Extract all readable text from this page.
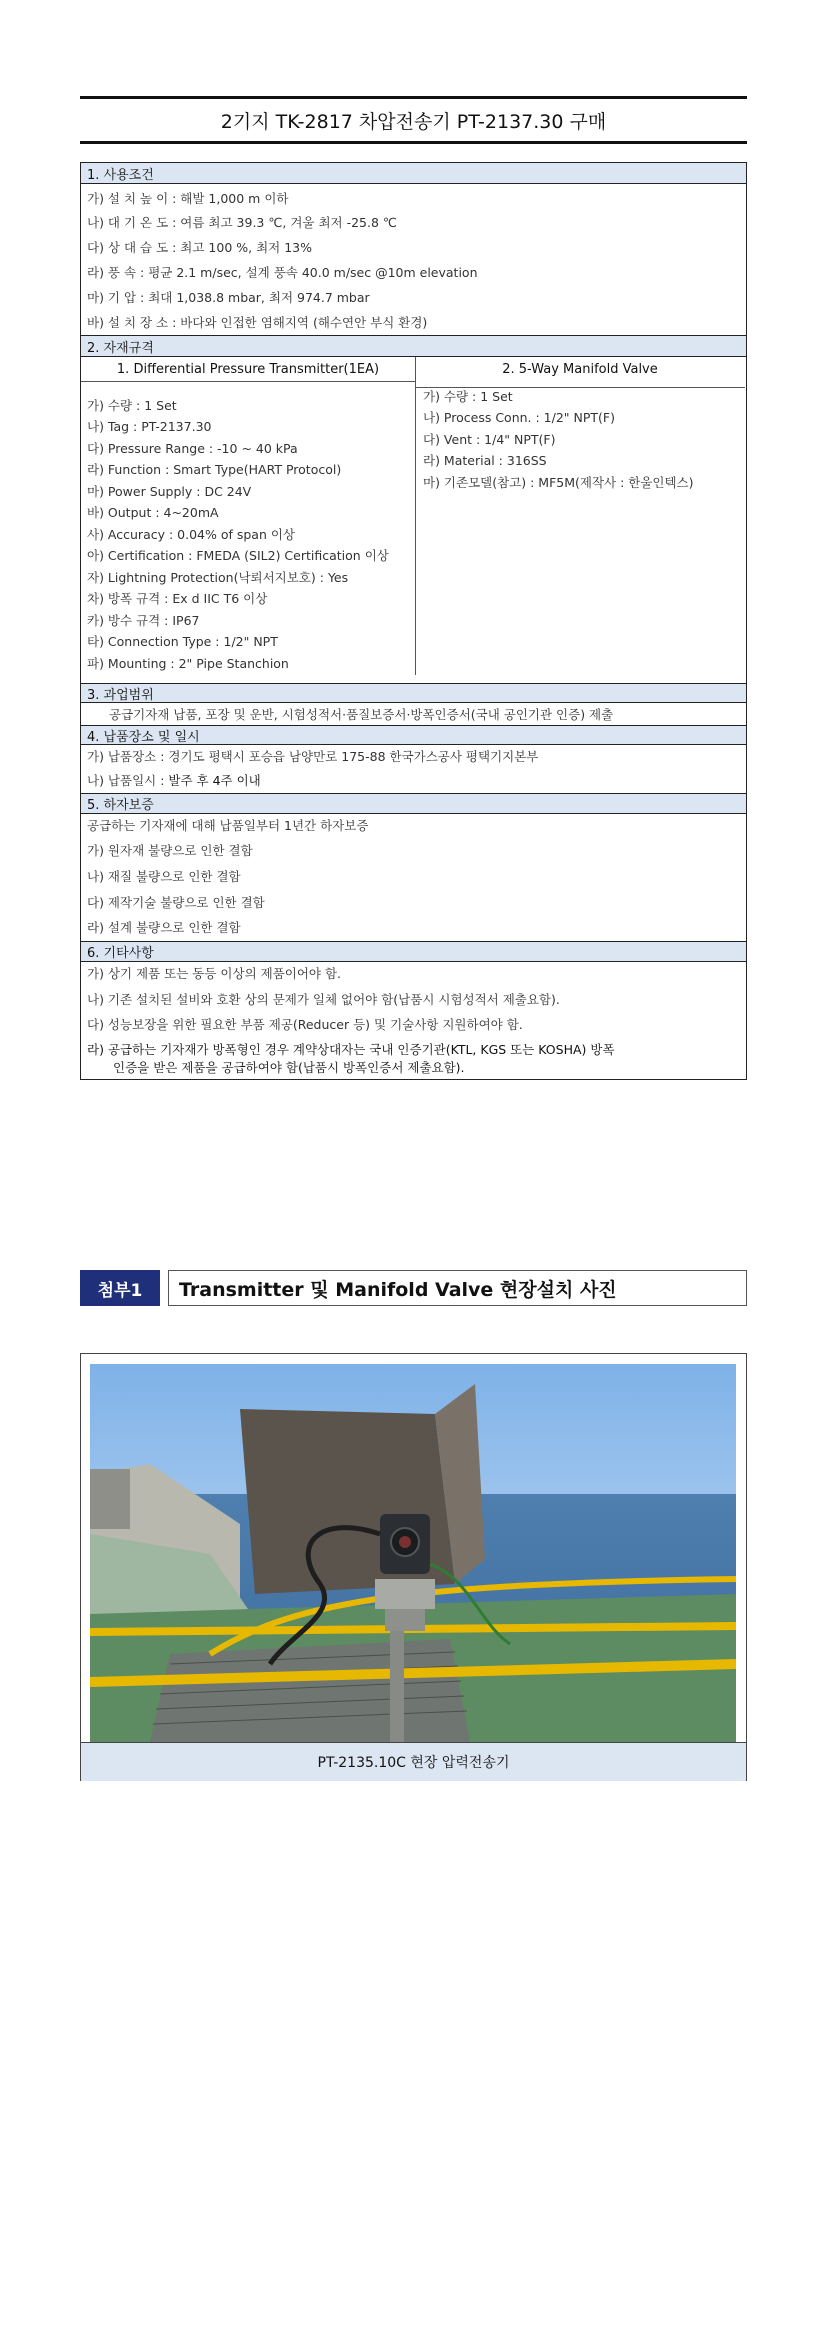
2기지 TK-2817 차압전송기 PT-2137.30 구매
1. 사용조건
가) 설 치 높 이 : 해발 1,000 m 이하
나) 대 기 온 도 : 여름 최고 39.3 ℃, 겨울 최저 -25.8 ℃
다) 상 대 습 도 : 최고 100 %, 최저 13%
라) 풍 속 : 평균 2.1 m/sec, 설계 풍속 40.0 m/sec @10m elevation
마) 기 압 : 최대 1,038.8 mbar, 최저 974.7 mbar
바) 설 치 장 소 : 바다와 인접한 염해지역 (해수연안 부식 환경)
2. 자재규격
1. Differential Pressure Transmitter(1EA)	2. 5-Way Manifold Valve
가) 수량 : 1 Set
나) Tag : PT-2137.30
다) Pressure Range : -10 ~ 40 kPa
라) Function : Smart Type(HART Protocol)
마) Power Supply : DC 24V
바) Output : 4~20mA
사) Accuracy : 0.04% of span 이상
아) Certification : FMEDA (SIL2) Certification 이상
자) Lightning Protection(낙뢰서지보호) : Yes
차) 방폭 규격 : Ex d IIC T6 이상
카) 방수 규격 : IP67
타) Connection Type : 1/2" NPT
파) Mounting : 2" Pipe Stanchion
가) 수량 : 1 Set
나) Process Conn. : 1/2" NPT(F)
다) Vent : 1/4" NPT(F)
라) Material : 316SS
마) 기존모델(참고) : MF5M(제작사 : 한울인텍스)
3. 과업범위
공급기자재 납품, 포장 및 운반, 시험성적서·품질보증서·방폭인증서(국내 공인기관 인증) 제출
4. 납품장소 및 일시
가) 납품장소 : 경기도 평택시 포승읍 남양만로 175-88 한국가스공사 평택기지본부
나) 납품일시 : 발주 후 4주 이내
5. 하자보증
공급하는 기자재에 대해 납품일부터 1년간 하자보증
가) 원자재 불량으로 인한 결함
나) 재질 불량으로 인한 결함
다) 제작기술 불량으로 인한 결함
라) 설계 불량으로 인한 결함
6. 기타사항
가) 상기 제품 또는 동등 이상의 제품이어야 함.
나) 기존 설치된 설비와 호환 상의 문제가 일체 없어야 함(납품시 시험성적서 제출요함).
다) 성능보장을 위한 필요한 부품 제공(Reducer 등) 및 기술사항 지원하여야 함.
라) 공급하는 기자재가 방폭형인 경우 계약상대자는 국내 인증기관(KTL, KGS 또는 KOSHA) 방폭
인증을 받은 제품을 공급하여야 함(납품시 방폭인증서 제출요함).
첨부1	Transmitter 및 Manifold Valve 현장설치 사진
PT-2135.10C 현장 압력전송기
